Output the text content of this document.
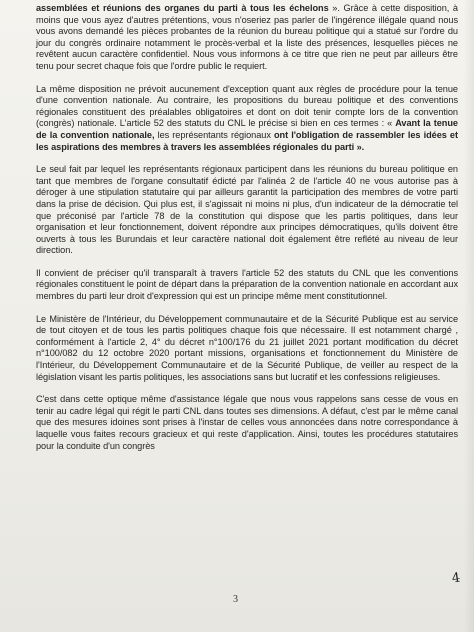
assemblées et réunions des organes du parti à tous les échelons ». Grâce à cette disposition, à moins que vous ayez d'autres prétentions, vous n'oseriez pas parler de l'ingérence illégale quand nous vous avons demandé les pièces probantes de la réunion du bureau politique qui a statué sur l'ordre du jour du congrès ordinaire notamment le procès-verbal et la liste des présences, lesquelles pièces ne revêtent aucun caractère confidentiel. Nous vous informons à ce titre que rien ne peut par ailleurs être tenu pour secret chaque fois que l'ordre public le requiert.

La même disposition ne prévoit aucunement d'exception quant aux règles de procédure pour la tenue d'une convention nationale. Au contraire, les propositions du bureau politique et des conventions régionales constituent des préalables obligatoires et dont on doit tenir compte lors de la convention (congrès) nationale. L'article 52 des statuts du CNL le précise si bien en ces termes : « Avant la tenue de la convention nationale, les représentants régionaux ont l'obligation de rassembler les idées et les aspirations des membres à travers les assemblées régionales du parti ».

Le seul fait par lequel les représentants régionaux participent dans les réunions du bureau politique en tant que membres de l'organe consultatif édicté par l'alinéa 2 de l'article 40 ne vous autorise pas à déroger à une stipulation statutaire qui par ailleurs garantit la participation des membres de votre parti dans la prise de décision. Qui plus est, il s'agissait ni moins ni plus, d'un indicateur de la démocratie tel que préconisé par l'article 78 de la constitution qui dispose que les partis politiques, dans leur organisation et leur fonctionnement, doivent répondre aux principes démocratiques, qu'ils doivent être ouverts à tous les Burundais et leur caractère national doit également être reflété au niveau de leur direction.

Il convient de préciser qu'il transparaît à travers l'article 52 des statuts du CNL que les conventions régionales constituent le point de départ dans la préparation de la convention nationale en accordant aux membres du parti leur droit d'expression qui est un principe même ment constitutionnel.

Le Ministère de l'Intérieur, du Développement communautaire et de la Sécurité Publique est au service de tout citoyen et de tous les partis politiques chaque fois que nécessaire. Il est notamment chargé , conformément à l'article 2, 4° du décret n°100/176 du 21 juillet 2021 portant modification du décret n°100/082 du 12 octobre 2020 portant missions, organisations et fonctionnement du Ministère de l'Intérieur, du Développement Communautaire et de la Sécurité Publique, de veiller au respect de la législation visant les partis politiques, les associations sans but lucratif et les confessions religieuses.

C'est dans cette optique même d'assistance légale que nous vous rappelons sans cesse de vous en tenir au cadre légal qui régit le parti CNL dans toutes ses dimensions. A défaut, c'est par le même canal que des mesures idoines sont prises à l'instar de celles vous annoncées dans notre correspondance à laquelle vous faites recours gracieux et qui reste d'application. Ainsi, toutes les procédures statutaires pour la conduite d'un congrès

3
4
